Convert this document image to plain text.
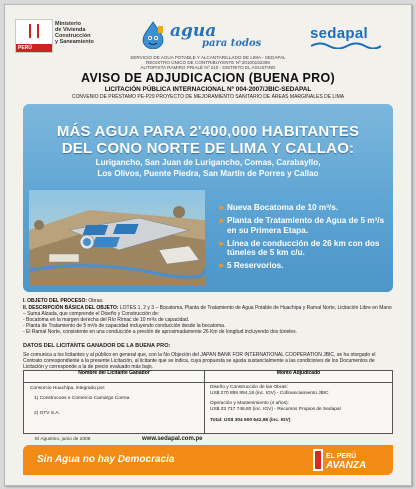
PERÚ
Ministerio
de Vivienda
Construcción
y Saneamiento
agua
para todos
sedapal
SERVICIO DE AGUA POTABLE Y ALCANTARILLADO DE LIMA - SEDAPAL
REGISTRO ÚNICO DE CONTRIBUYENTE Nº 20100152356
AUTOPISTA RAMIRO PRIALÉ Nº 210 - DISTRITO EL AGUSTINO
AVISO DE ADJUDICACION (BUENA PRO)
LICITACIÓN PÚBLICA INTERNACIONAL Nº 004-2007/JBIC-SEDAPAL
CONVENIO DE PRÉSTAMO PE-P29 PROYECTO DE MEJORAMIENTO SANITARIO DE ÁREAS MARGINALES DE LIMA
MÁS AGUA PARA 2'400,000 HABITANTES
DEL CONO NORTE DE LIMA Y CALLAO:
Lurigancho, San Juan de Lurigancho, Comas, Carabayllo,
Los Olivos, Puente Piedra, San Martín de Porres y Callao
► Nueva Bocatoma de 10 m³/s.
► Planta de Tratamiento de Agua de 5 m³/s en su Primera Etapa.
► Línea de conducción de 26 km con dos túneles de 5 km c/u.
► 5 Reservorios.
I. OBJETO DEL PROCESO: Obras.
II. DESCRIPCIÓN BÁSICA DEL OBJETO: LOTES 1, 2 y 3 – Bocatoma, Planta de Tratamiento de Agua Potable de Huachipa y Ramal Norte, Licitación Libre en Mano – Suma Alzada, que comprende el Diseño y Construcción de:
- Bocatoma en la margen derecha del Río Rímac de 10 m³/s de capacidad.
- Planta de Tratamiento de 5 m³/s de capacidad incluyendo conducción desde la bocatoma.
- El Ramal Norte, consistente en una conducción a presión de aproximadamente 26 Km de longitud incluyendo dos túneles.
DATOS DEL LICITANTE GANADOR DE LA BUENA PRO:
Se comunica a los licitantes y al público en general que, con la No Objeción del JAPAN BANK FOR INTERNATIONAL COOPERATION JBIC, se ha otorgado el Contrato correspondiente a la presente Licitación, al licitante que se indica, cuya propuesta se ajusta sustancialmente a las condiciones de los Documentos de Licitación y corresponde a la de precio evaluado más bajo.
Nombre del Licitante Ganador	Monto Adjudicado
Consorcio Huachipa, integrado por:
1) Construcoes e Comercio Camargo Correa
2) OTV S.A.
Diseño y Construcción de las Obras:
US$ 270 888 894,18 (inc. IGV) - Cofinanciamiento JBIC
Operación y Mantenimiento (4 años):
US$ 33 717 748,80 (inc. IGV) - Recursos Propios de Sedapal
Total: US$ 304 600 642,98 (inc. IGV)
El Agustino, junio de 2008	www.sedapal.com.pe
Sin Agua no hay Democracia	EL PERÚ
AVANZA
